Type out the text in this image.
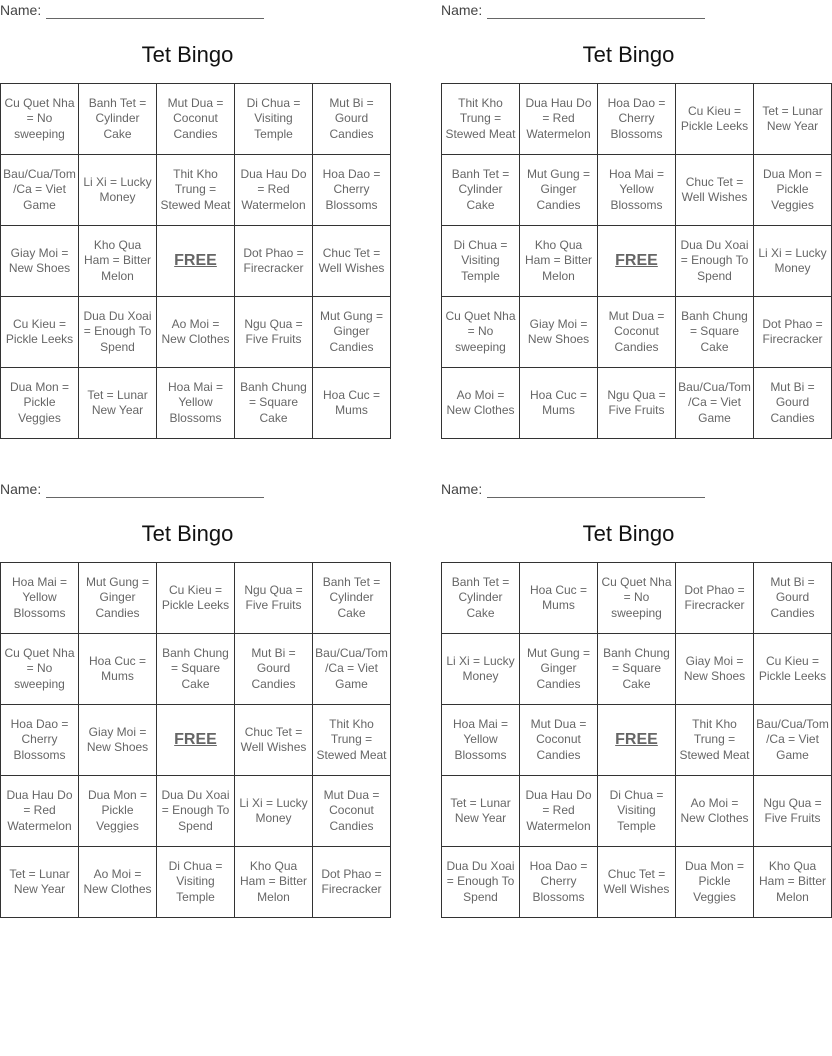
Name:
Tet Bingo
Cu Quet Nha = No sweeping	Banh Tet = Cylinder Cake	Mut Dua = Coconut Candies	Di Chua = Visiting Temple	Mut Bi = Gourd Candies
Bau/Cua/Tom/Ca = Viet Game	Li Xi = Lucky Money	Thit Kho Trung = Stewed Meat	Dua Hau Do = Red Watermelon	Hoa Dao = Cherry Blossoms
Giay Moi = New Shoes	Kho Qua Ham = Bitter Melon	FREE	Dot Phao = Firecracker	Chuc Tet = Well Wishes
Cu Kieu = Pickle Leeks	Dua Du Xoai = Enough To Spend	Ao Moi = New Clothes	Ngu Qua = Five Fruits	Mut Gung = Ginger Candies
Dua Mon = Pickle Veggies	Tet = Lunar New Year	Hoa Mai = Yellow Blossoms	Banh Chung = Square Cake	Hoa Cuc = Mums
Name:
Tet Bingo
Thit Kho Trung = Stewed Meat	Dua Hau Do = Red Watermelon	Hoa Dao = Cherry Blossoms	Cu Kieu = Pickle Leeks	Tet = Lunar New Year
Banh Tet = Cylinder Cake	Mut Gung = Ginger Candies	Hoa Mai = Yellow Blossoms	Chuc Tet = Well Wishes	Dua Mon = Pickle Veggies
Di Chua = Visiting Temple	Kho Qua Ham = Bitter Melon	FREE	Dua Du Xoai = Enough To Spend	Li Xi = Lucky Money
Cu Quet Nha = No sweeping	Giay Moi = New Shoes	Mut Dua = Coconut Candies	Banh Chung = Square Cake	Dot Phao = Firecracker
Ao Moi = New Clothes	Hoa Cuc = Mums	Ngu Qua = Five Fruits	Bau/Cua/Tom/Ca = Viet Game	Mut Bi = Gourd Candies
Name:
Tet Bingo
Hoa Mai = Yellow Blossoms	Mut Gung = Ginger Candies	Cu Kieu = Pickle Leeks	Ngu Qua = Five Fruits	Banh Tet = Cylinder Cake
Cu Quet Nha = No sweeping	Hoa Cuc = Mums	Banh Chung = Square Cake	Mut Bi = Gourd Candies	Bau/Cua/Tom/Ca = Viet Game
Hoa Dao = Cherry Blossoms	Giay Moi = New Shoes	FREE	Chuc Tet = Well Wishes	Thit Kho Trung = Stewed Meat
Dua Hau Do = Red Watermelon	Dua Mon = Pickle Veggies	Dua Du Xoai = Enough To Spend	Li Xi = Lucky Money	Mut Dua = Coconut Candies
Tet = Lunar New Year	Ao Moi = New Clothes	Di Chua = Visiting Temple	Kho Qua Ham = Bitter Melon	Dot Phao = Firecracker
Name:
Tet Bingo
Banh Tet = Cylinder Cake	Hoa Cuc = Mums	Cu Quet Nha = No sweeping	Dot Phao = Firecracker	Mut Bi = Gourd Candies
Li Xi = Lucky Money	Mut Gung = Ginger Candies	Banh Chung = Square Cake	Giay Moi = New Shoes	Cu Kieu = Pickle Leeks
Hoa Mai = Yellow Blossoms	Mut Dua = Coconut Candies	FREE	Thit Kho Trung = Stewed Meat	Bau/Cua/Tom/Ca = Viet Game
Tet = Lunar New Year	Dua Hau Do = Red Watermelon	Di Chua = Visiting Temple	Ao Moi = New Clothes	Ngu Qua = Five Fruits
Dua Du Xoai = Enough To Spend	Hoa Dao = Cherry Blossoms	Chuc Tet = Well Wishes	Dua Mon = Pickle Veggies	Kho Qua Ham = Bitter Melon
